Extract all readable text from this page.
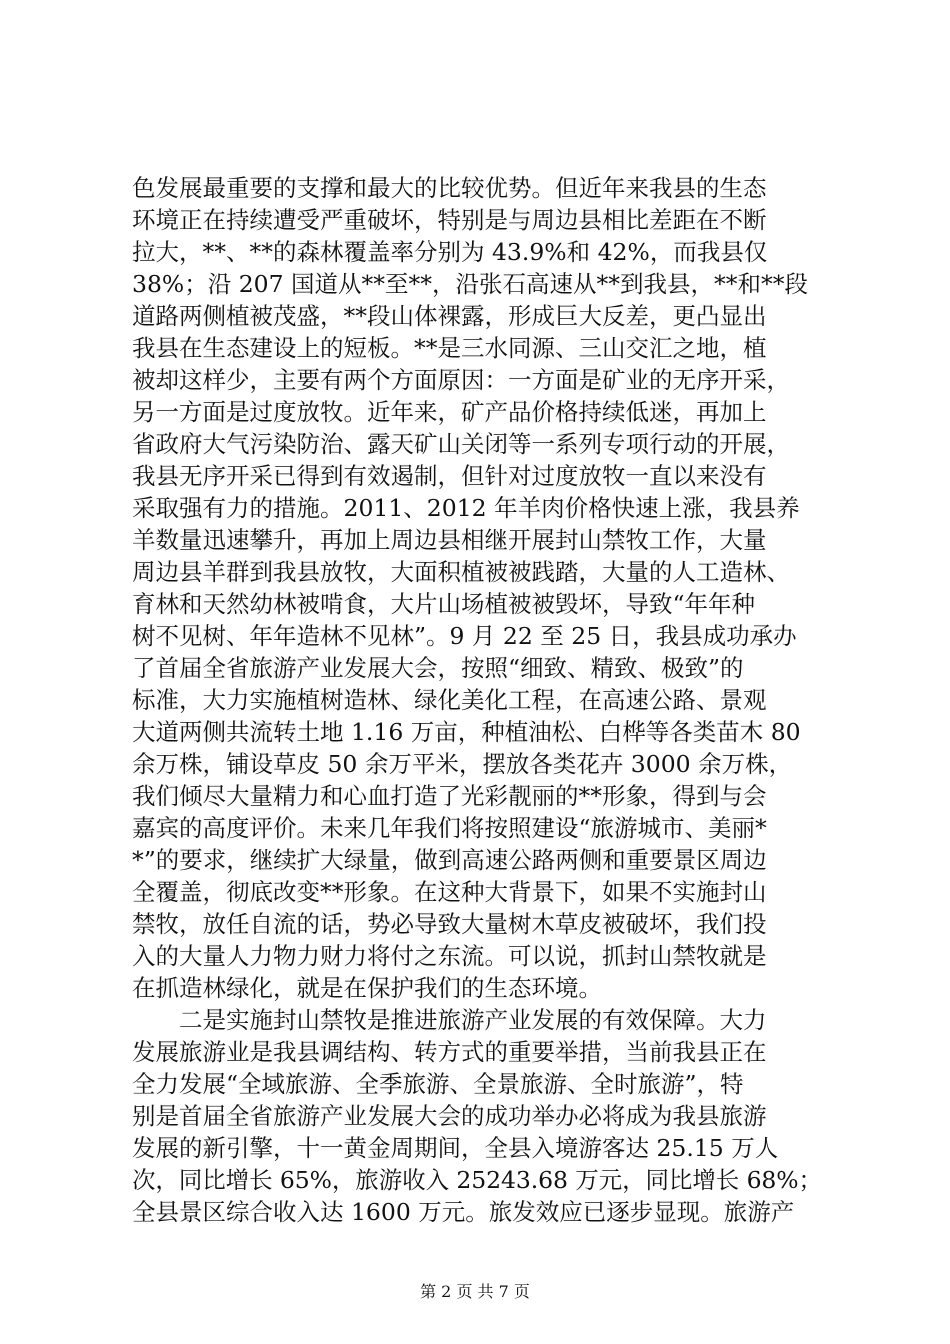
色发展最重要的支撑和最大的比较优势。但近年来我县的生态
环境正在持续遭受严重破坏，特别是与周边县相比差距在不断
拉大，**、**的森林覆盖率分别为 43.9%和 42%，而我县仅
38%；沿 207 国道从**至**，沿张石高速从**到我县，**和**段
道路两侧植被茂盛，**段山体裸露，形成巨大反差，更凸显出
我县在生态建设上的短板。**是三水同源、三山交汇之地，植
被却这样少，主要有两个方面原因：一方面是矿业的无序开采，
另一方面是过度放牧。近年来，矿产品价格持续低迷，再加上
省政府大气污染防治、露天矿山关闭等一系列专项行动的开展，
我县无序开采已得到有效遏制，但针对过度放牧一直以来没有
采取强有力的措施。2011、2012 年羊肉价格快速上涨，我县养
羊数量迅速攀升，再加上周边县相继开展封山禁牧工作，大量
周边县羊群到我县放牧，大面积植被被践踏，大量的人工造林、
育林和天然幼林被啃食，大片山场植被被毁坏，导致“年年种
树不见树、年年造林不见林”。9 月 22 至 25 日，我县成功承办
了首届全省旅游产业发展大会，按照“细致、精致、极致”的
标准，大力实施植树造林、绿化美化工程，在高速公路、景观
大道两侧共流转土地 1.16 万亩，种植油松、白桦等各类苗木 80
余万株，铺设草皮 50 余万平米，摆放各类花卉 3000 余万株，
我们倾尽大量精力和心血打造了光彩靓丽的**形象，得到与会
嘉宾的高度评价。未来几年我们将按照建设“旅游城市、美丽*
*”的要求，继续扩大绿量，做到高速公路两侧和重要景区周边
全覆盖，彻底改变**形象。在这种大背景下，如果不实施封山
禁牧，放任自流的话，势必导致大量树木草皮被破坏，我们投
入的大量人力物力财力将付之东流。可以说，抓封山禁牧就是
在抓造林绿化，就是在保护我们的生态环境。
　　二是实施封山禁牧是推进旅游产业发展的有效保障。大力
发展旅游业是我县调结构、转方式的重要举措，当前我县正在
全力发展“全域旅游、全季旅游、全景旅游、全时旅游”，特
别是首届全省旅游产业发展大会的成功举办必将成为我县旅游
发展的新引擎，十一黄金周期间，全县入境游客达 25.15 万人
次，同比增长 65%，旅游收入 25243.68 万元，同比增长 68%；
全县景区综合收入达 1600 万元。旅发效应已逐步显现。旅游产
第 2 页 共 7 页
